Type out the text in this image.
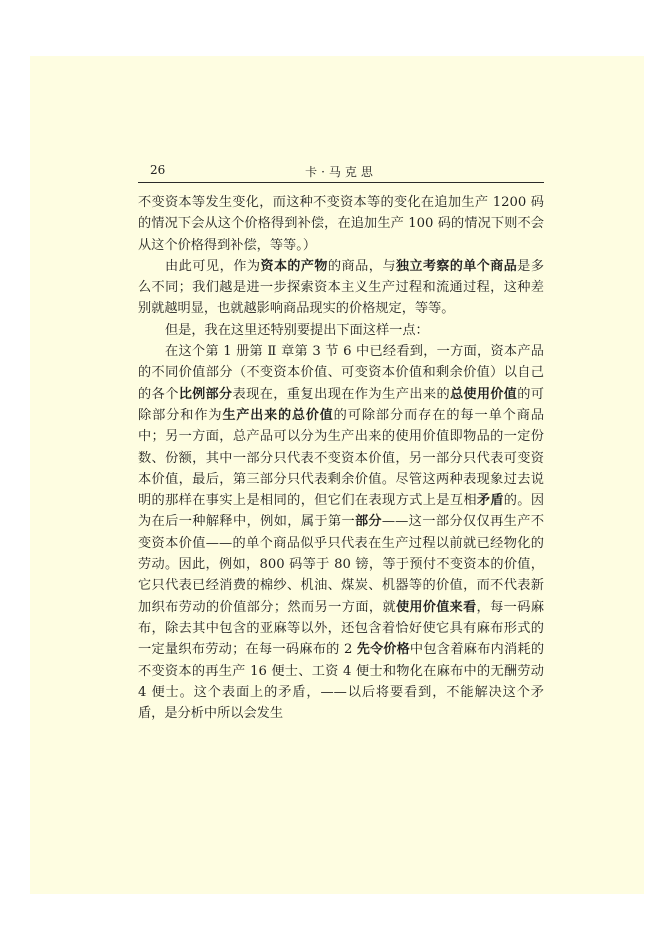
26	卡·马克思

不变资本等发生变化，而这种不变资本等的变化在追加生产 1200 码的情况下会从这个价格得到补偿，在追加生产 100 码的情况下则不会从这个价格得到补偿，等等。）

由此可见，作为资本的产物的商品，与独立考察的单个商品是多么不同；我们越是进一步探索资本主义生产过程和流通过程，这种差别就越明显，也就越影响商品现实的价格规定，等等。

但是，我在这里还特别要提出下面这样一点：

在这个第 1 册第 Ⅱ 章第 3 节 6 中已经看到，一方面，资本产品的不同价值部分（不变资本价值、可变资本价值和剩余价值）以自己的各个比例部分表现在，重复出现在作为生产出来的总使用价值的可除部分和作为生产出来的总价值的可除部分而存在的每一单个商品中；另一方面，总产品可以分为生产出来的使用价值即物品的一定份数、份额，其中一部分只代表不变资本价值，另一部分只代表可变资本价值，最后，第三部分只代表剩余价值。尽管这两种表现象过去说明的那样在事实上是相同的，但它们在表现方式上是互相矛盾的。因为在后一种解释中，例如，属于第一部分——这一部分仅仅再生产不变资本价值——的单个商品似乎只代表在生产过程以前就已经物化的劳动。因此，例如，800 码等于 80 镑，等于预付不变资本的价值，它只代表已经消费的棉纱、机油、煤炭、机器等的价值，而不代表新加织布劳动的价值部分；然而另一方面，就使用价值来看，每一码麻布，除去其中包含的亚麻等以外，还包含着恰好使它具有麻布形式的一定量织布劳动；在每一码麻布的 2 先令价格中包含着麻布内消耗的不变资本的再生产 16 便士、工资 4 便士和物化在麻布中的无酬劳动 4 便士。这个表面上的矛盾，——以后将要看到，不能解决这个矛盾，是分析中所以会发生
